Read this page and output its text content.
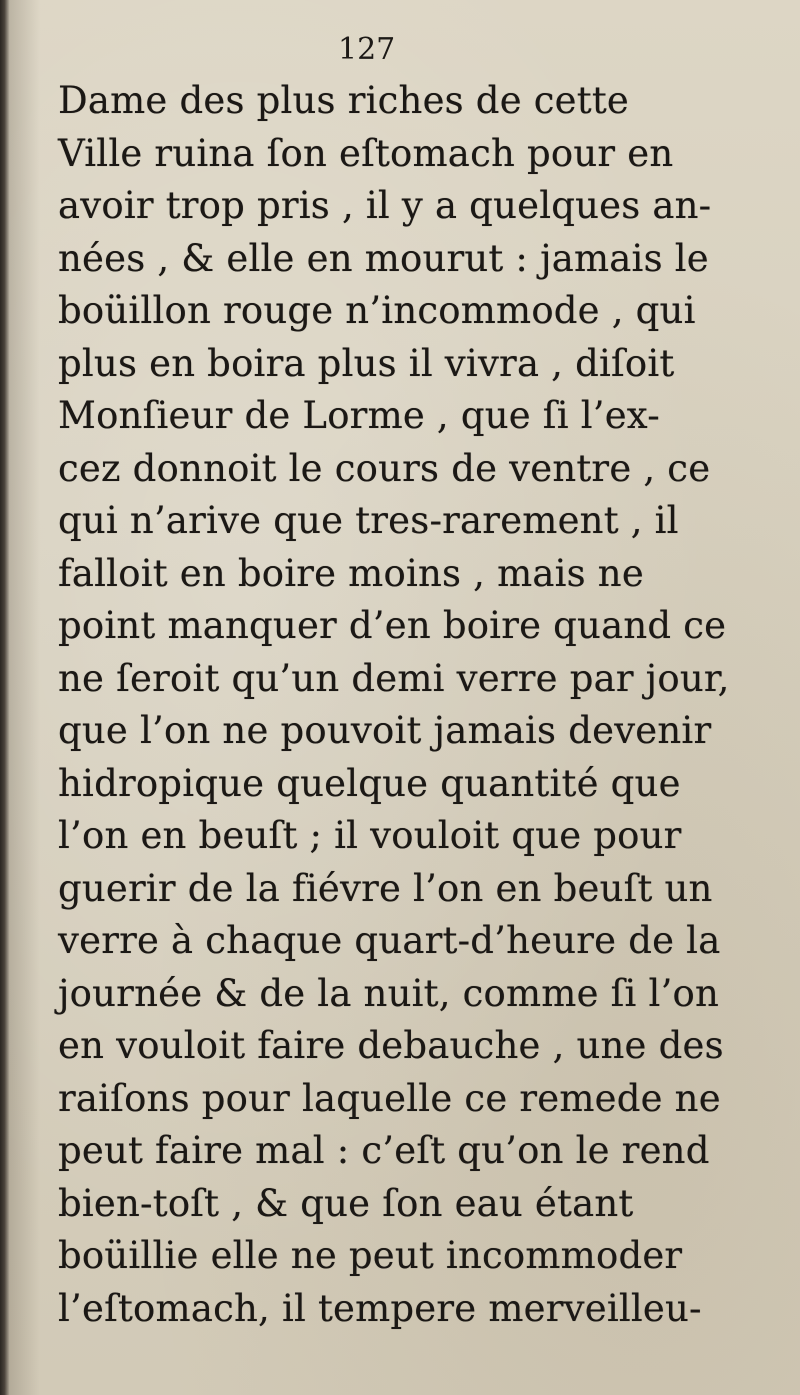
127
Dame des plus riches de cette
Ville ruina ſon eſtomach pour en
avoir trop pris , il y a quelques an-
nées , & elle en mourut : jamais le
boüillon rouge n’incommode , qui
plus en boira plus il vivra , diſoit
Monſieur de Lorme , que ſi l’ex-
cez donnoit le cours de ventre , ce
qui n’arive que tres-rarement , il
falloit en boire moins , mais ne
point manquer d’en boire quand ce
ne ſeroit qu’un demi verre par jour,
que l’on ne pouvoit jamais devenir
hidropique quelque quantité que
l’on en beuſt ; il vouloit que pour
guerir de la fiévre l’on en beuſt un
verre à chaque quart-d’heure de la
journée & de la nuit, comme ſi l’on
en vouloit faire debauche , une des
raiſons pour laquelle ce remede ne
peut faire mal : c’eſt qu’on le rend
bien-toſt , & que ſon eau étant
boüillie elle ne peut incommoder
l’eſtomach, il tempere merveilleu-
